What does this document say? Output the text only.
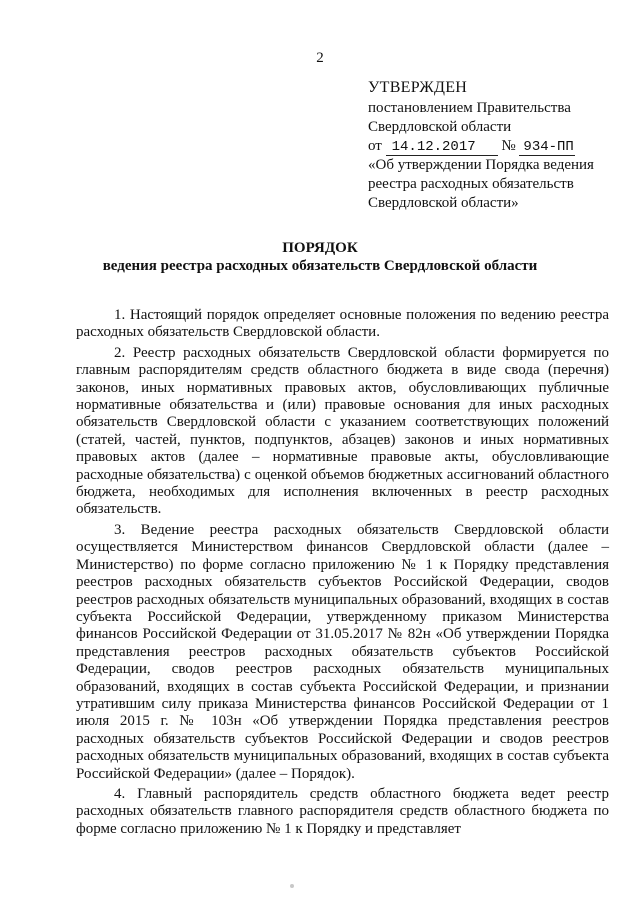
2
УТВЕРЖДЕН
постановлением Правительства
Свердловской области
от 14.12.2017 № 934-ПП
«Об утверждении Порядка ведения
реестра расходных обязательств
Свердловской области»
ПОРЯДОК
ведения реестра расходных обязательств Свердловской области

1. Настоящий порядок определяет основные положения по ведению реестра расходных обязательств Свердловской области.

2. Реестр расходных обязательств Свердловской области формируется по главным распорядителям средств областного бюджета в виде свода (перечня) законов, иных нормативных правовых актов, обусловливающих публичные нормативные обязательства и (или) правовые основания для иных расходных обязательств Свердловской области с указанием соответствующих положений (статей, частей, пунктов, подпунктов, абзацев) законов и иных нормативных правовых актов (далее – нормативные правовые акты, обусловливающие расходные обязательства) с оценкой объемов бюджетных ассигнований областного бюджета, необходимых для исполнения включенных в реестр расходных обязательств.

3. Ведение реестра расходных обязательств Свердловской области осуществляется Министерством финансов Свердловской области (далее – Министерство) по форме согласно приложению № 1 к Порядку представления реестров расходных обязательств субъектов Российской Федерации, сводов реестров расходных обязательств муниципальных образований, входящих в состав субъекта Российской Федерации, утвержденному приказом Министерства финансов Российской Федерации от 31.05.2017 № 82н «Об утверждении Порядка представления реестров расходных обязательств субъектов Российской Федерации, сводов реестров расходных обязательств муниципальных образований, входящих в состав субъекта Российской Федерации, и признании утратившим силу приказа Министерства финансов Российской Федерации от 1 июля 2015 г. № 103н «Об утверждении Порядка представления реестров расходных обязательств субъектов Российской Федерации и сводов реестров расходных обязательств муниципальных образований, входящих в состав субъекта Российской Федерации» (далее – Порядок).

4. Главный распорядитель средств областного бюджета ведет реестр расходных обязательств главного распорядителя средств областного бюджета по форме согласно приложению № 1 к Порядку и представляет
